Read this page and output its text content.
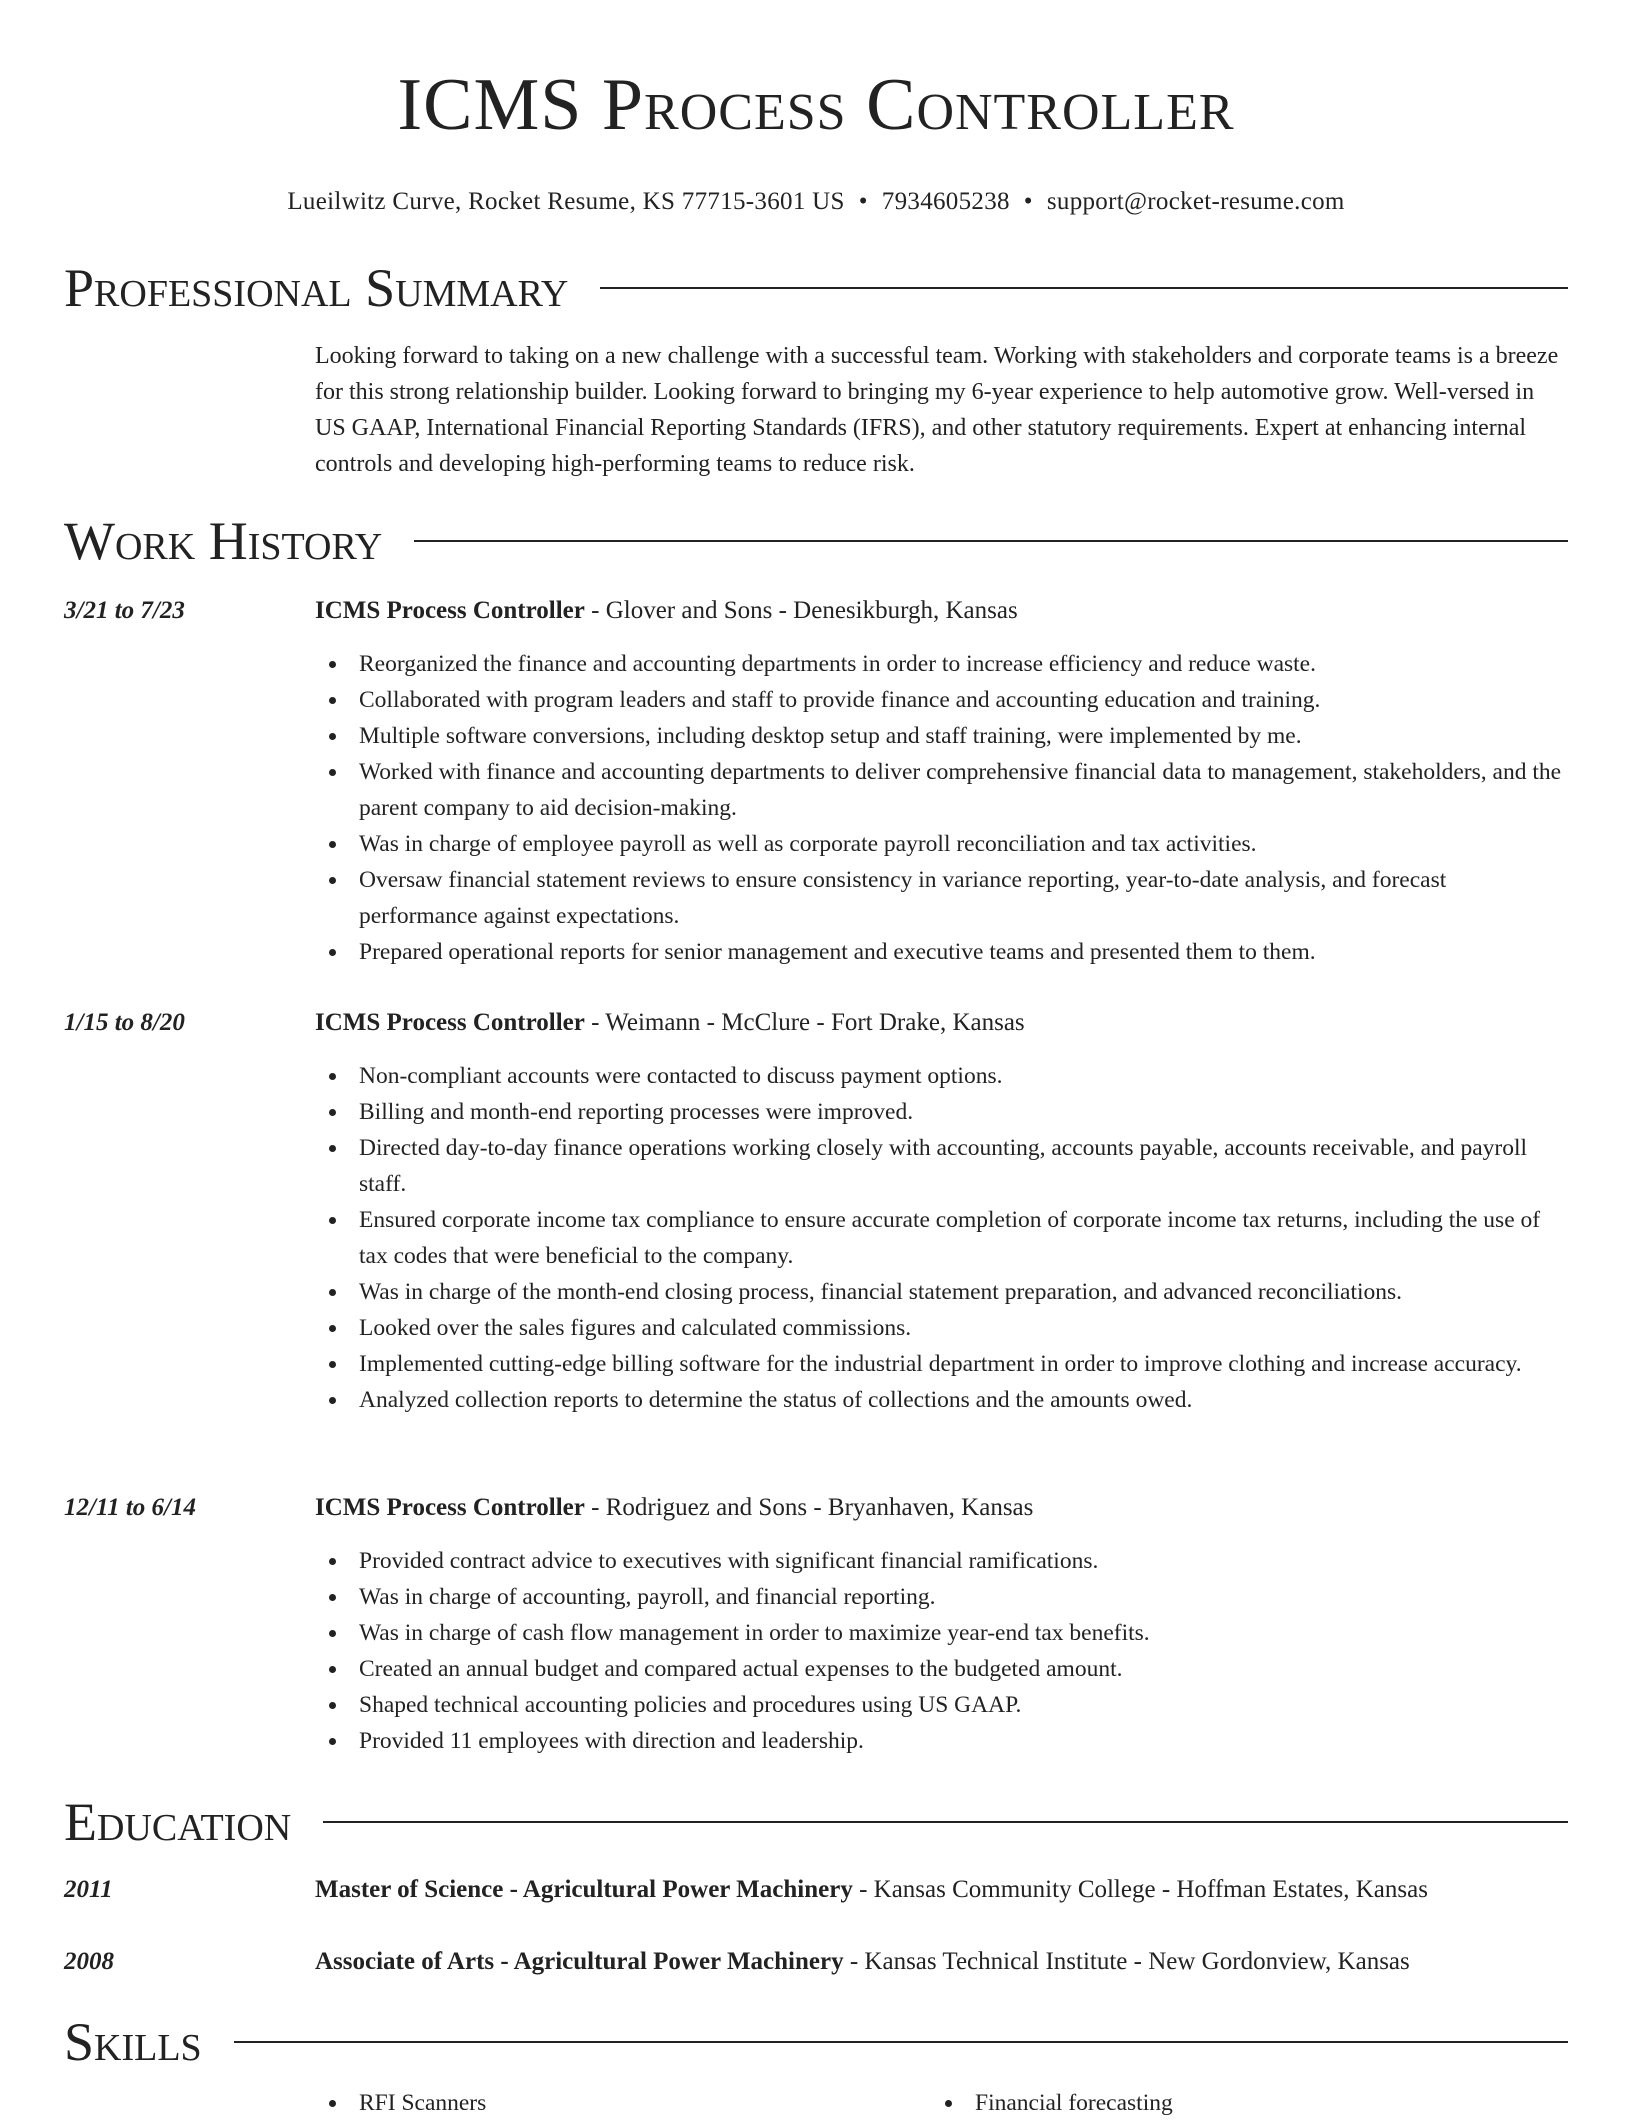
ICMS Process Controller
Lueilwitz Curve, Rocket Resume, KS 77715-3601 US • 7934605238 • support@rocket-resume.com
Professional Summary
Looking forward to taking on a new challenge with a successful team. Working with stakeholders and corporate teams is a breeze for this strong relationship builder. Looking forward to bringing my 6-year experience to help automotive grow. Well-versed in US GAAP, International Financial Reporting Standards (IFRS), and other statutory requirements. Expert at enhancing internal controls and developing high-performing teams to reduce risk.
Work History
3/21 to 7/23	ICMS Process Controller - Glover and Sons - Denesikburgh, Kansas
Reorganized the finance and accounting departments in order to increase efficiency and reduce waste.
Collaborated with program leaders and staff to provide finance and accounting education and training.
Multiple software conversions, including desktop setup and staff training, were implemented by me.
Worked with finance and accounting departments to deliver comprehensive financial data to management, stakeholders, and the parent company to aid decision-making.
Was in charge of employee payroll as well as corporate payroll reconciliation and tax activities.
Oversaw financial statement reviews to ensure consistency in variance reporting, year-to-date analysis, and forecast performance against expectations.
Prepared operational reports for senior management and executive teams and presented them to them.
1/15 to 8/20	ICMS Process Controller - Weimann - McClure - Fort Drake, Kansas
Non-compliant accounts were contacted to discuss payment options.
Billing and month-end reporting processes were improved.
Directed day-to-day finance operations working closely with accounting, accounts payable, accounts receivable, and payroll staff.
Ensured corporate income tax compliance to ensure accurate completion of corporate income tax returns, including the use of tax codes that were beneficial to the company.
Was in charge of the month-end closing process, financial statement preparation, and advanced reconciliations.
Looked over the sales figures and calculated commissions.
Implemented cutting-edge billing software for the industrial department in order to improve clothing and increase accuracy.
Analyzed collection reports to determine the status of collections and the amounts owed.
12/11 to 6/14	ICMS Process Controller - Rodriguez and Sons - Bryanhaven, Kansas
Provided contract advice to executives with significant financial ramifications.
Was in charge of accounting, payroll, and financial reporting.
Was in charge of cash flow management in order to maximize year-end tax benefits.
Created an annual budget and compared actual expenses to the budgeted amount.
Shaped technical accounting policies and procedures using US GAAP.
Provided 11 employees with direction and leadership.
Education
2011	Master of Science - Agricultural Power Machinery - Kansas Community College - Hoffman Estates, Kansas
2008	Associate of Arts - Agricultural Power Machinery - Kansas Technical Institute - New Gordonview, Kansas
Skills
RFI Scanners	Financial forecasting
